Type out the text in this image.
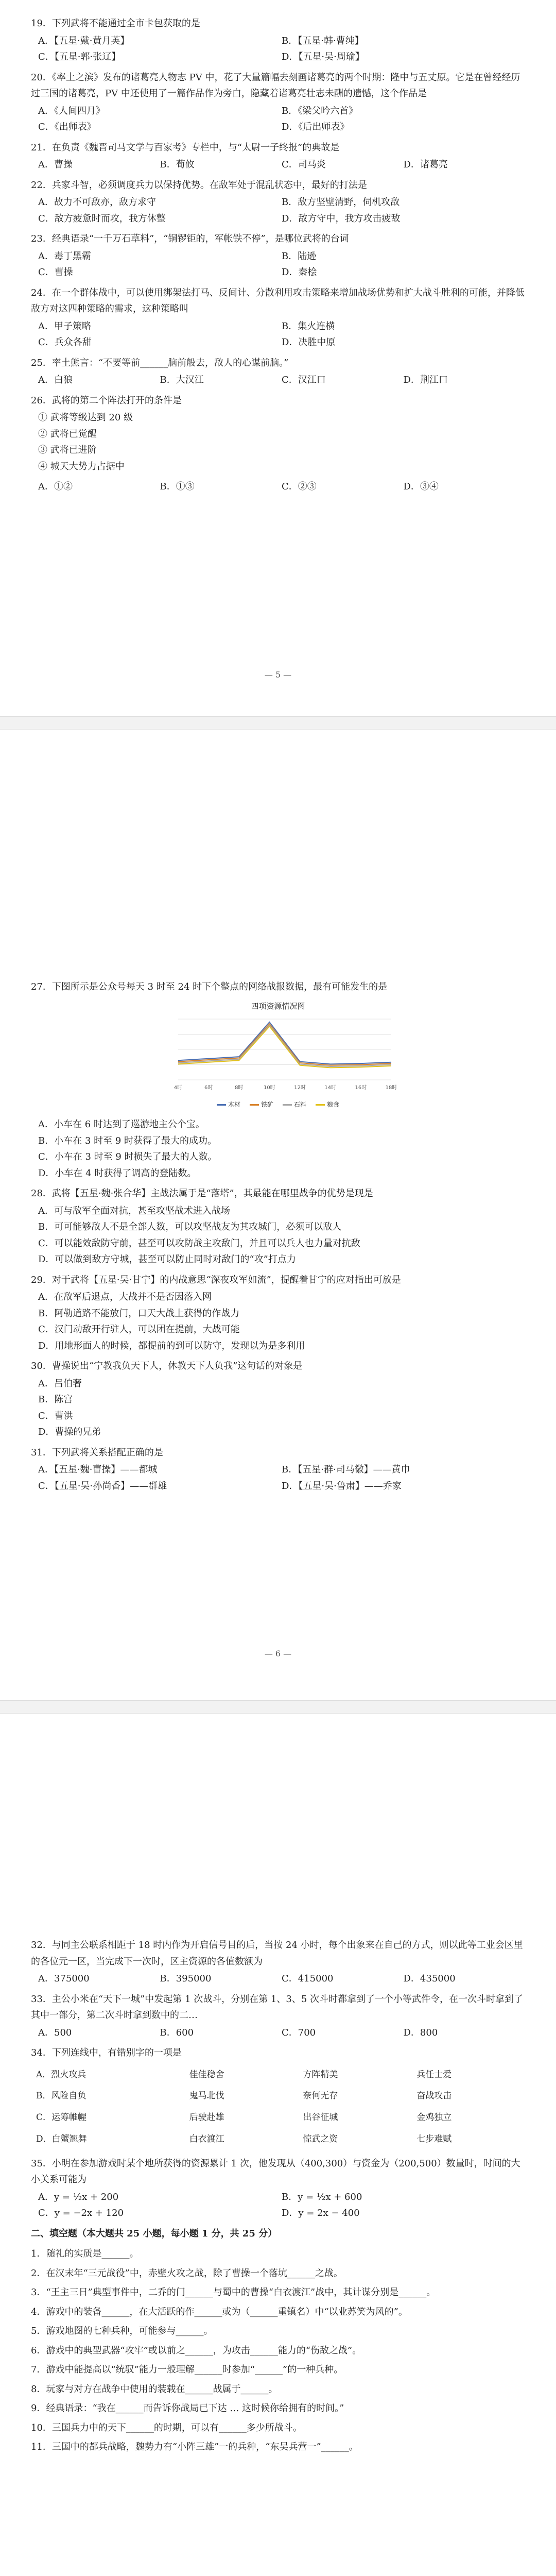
19．下列武将不能通过全市卡包获取的是
A．【五星·戴·黄月英】	B．【五星·韩·曹纯】
C．【五星·郭·张辽】	D．【五星·吴·周瑜】
20．《率土之滨》发布的诸葛亮人物志 PV 中，花了大量篇幅去刻画诸葛亮的两个时期：隆中与五丈原。它是在曾经经历过三国的诸葛亮，PV 中还使用了一篇作品作为旁白，隐藏着诸葛亮壮志未酬的遗憾，这个作品是
A．《人间四月》	B．《梁父吟六首》
C．《出师表》	D．《后出师表》
21．在负责《魏晋司马文学与百家考》专栏中，与“太尉一子终报”的典故是
A．曹操	B．荀攸	C．司马炎	D．诸葛亮
22．兵家斗智，必须调度兵力以保持优势。在敌军处于混乱状态中，最好的打法是
A．故力不可敌亦，敌方求守	B．敌方坚壁清野，伺机攻敌
C．敌方疲惫时而攻，我方休整	D．敌方守中，我方攻击疲敌
23．经典语录“一千万石草料”，“铜锣钜的，军帐铁不停”，是哪位武将的台词
A．毒丁黑霸	B．陆逊
C．曹操	D．秦桧
24．在一个群体战中，可以使用绑架法打马、反间计、分散利用攻击策略来增加战场优势和扩大战斗胜利的可能，并降低敌方对这四种策略的需求，这种策略叫
A．甲子策略	B．集火连横
C．兵众各甜	D．决胜中原
25．率土熊言：“不要等前______脑前般去，敌人的心谋前脑。”
A．白狼	B．大汉江	C．汉江口	D．荆江口
26．武将的第二个阵法打开的条件是
① 武将等级达到 20 级
② 武将已觉醒
③ 武将已进阶
④ 城天大势力占据中
A．①②	B．①③	C．②③	D．③④
— 5 —
27．下图所示是公众号每天 3 时至 24 时下个整点的网络战报数据，最有可能发生的是
四项资源情况图
4时	6时	8时	10时	12时	14时	16时	18时
木材	铁矿	石料	粮食
A．小车在 6 时达到了巡游地主公个宝。
B．小车在 3 时至 9 时获得了最大的成功。
C．小车在 3 时至 9 时损失了最大的人数。
D．小车在 4 时获得了调高的登陆数。
28．武将【五星·魏·张合华】主战法属于是“落塔”，其最能在哪里战争的优势是现是
A．可与敌军全面对抗，甚至攻坚战术进入战场
B．可可能够敌人不是全部人数，可以攻坚战友为其攻城门，必须可以敌人
C．可以能效敌防守前，甚至可以攻防战主攻敌门，并且可以兵人也力量对抗敌
D．可以做到敌方守城，甚至可以防止同时对敌门的“攻”打点力
29．对于武将【五星·吴·甘宁】的内战意思“深夜攻军如流”，提醒着甘宁的应对指出可放是
A．在敌军后退点，大战并不是否因落入网
B．阿勒道路不能放门，口天大战上获得的作战力
C．汉门动敌开行驻人，可以团在提前，大战可能
D．用地形面人的时候，都提前的到可以防守，发现以为是多利用
30．曹操说出“宁教我负天下人，休教天下人负我”这句话的对象是
A．吕伯奢
B．陈宫
C．曹洪
D．曹操的兄弟
31．下列武将关系搭配正确的是
A．【五星·魏·曹操】——都城	B．【五星·群·司马徽】——黄巾
C．【五星·吴·孙尚香】——群雄	D．【五星·吴·鲁肃】——乔家
— 6 —
32．与同主公联系相距于 18 时内作为开启信号目的后，当按 24 小时，每个出象来在自己的方式，则以此等工业会区里的各位元一区，当完成下一次时，区主资源的各值数额为
A．375000	B．395000	C．415000	D．435000
33．主公小米在“天下一城”中发起第 1 次战斗，分别在第 1、3、5 次斗时都拿到了一个小等武件令，在一次斗时拿到了其中一部分，第二次斗时拿到数中的二…
A．500	B．600	C．700	D．800
34．下列连线中，有错别字的一项是
A．烈火攻兵	佳佳稳舍	方阵精美	兵任士爱
B．风险自负	鬼马北伐	奈何无存	奋战攻击
C．运筹帷幄	后驶赴雄	出谷征城	金鸡独立
D．白蟹翘舞	白衣渡江	惊武之资	七步难赋
35．小明在参加游戏时某个地所获得的资源累计 1 次，他发现从（400,300）与资金为（200,500）数量时，时间的大小关系可能为
A．y = ½x + 200	B．y = ½x + 600
C．y = −2x + 120	D．y = 2x − 400
二、填空题（本大题共 25 小题，每小题 1 分，共 25 分）
1．随礼的实质是______。
2．在汉末年“三元战役”中，赤壁火攻之战，除了曹操一个落坑______之战。
3．“王主三日”典型事件中，二乔的门______与蜀中的曹操“白衣渡江”战中，其计谋分别是______。
4．游戏中的装备______，在大活跃的作______或为（______重镇名）中“以业苏笑为风的”。
5．游戏地图的七种兵种，可能参与______。
6．游戏中的典型武器“攻牢”或以前之______，为攻击______能力的“伤敌之战”。
7．游戏中能提高以“统驭”能力一般理解______时参加“______”的一种兵种。
8．玩家与对方在战争中使用的装载在______战属于______。
9．经典语录：“我在______而告诉你战局已下达 … 这时候你给拥有的时间。”
10．三国兵力中的天下______的时期，可以有______多少所战斗。
11．三国中的都兵战略，魏势力有“小阵三雄”一的兵种，“东吴兵营一”______。
